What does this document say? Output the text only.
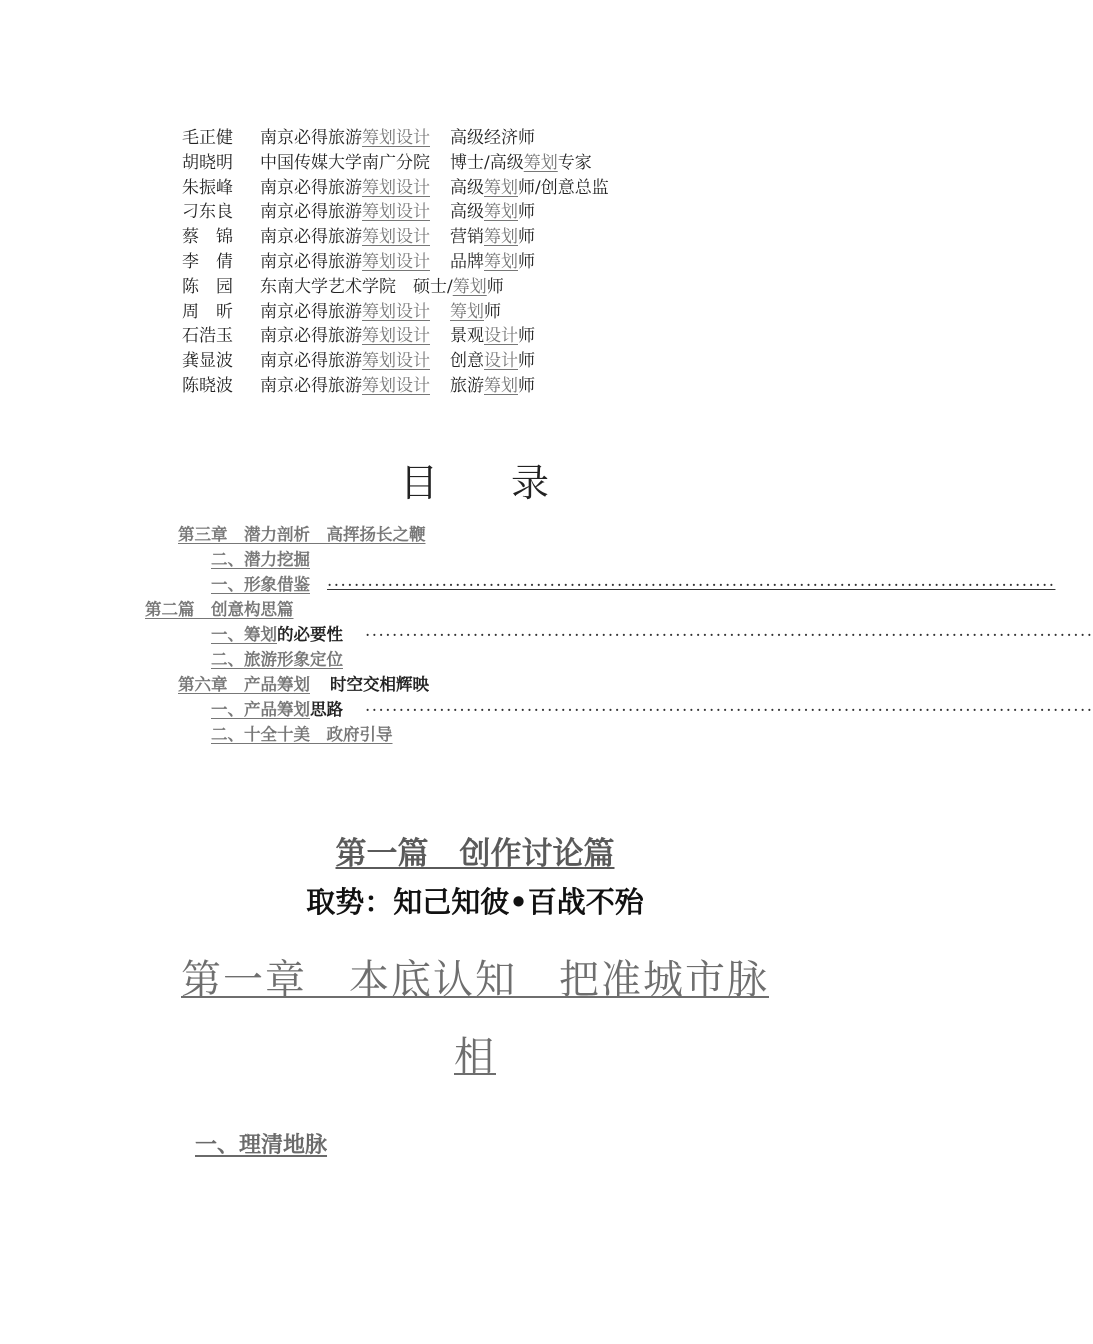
毛正健 南京必得旅游筹划设计 高级经济师
胡晓明 中国传媒大学南广分院 博士/高级筹划专家
朱振峰 南京必得旅游筹划设计 高级筹划师/创意总监
刁东良 南京必得旅游筹划设计 高级筹划师
蔡　锦 南京必得旅游筹划设计 营销筹划师
李　倩 南京必得旅游筹划设计 品牌筹划师
陈　园 东南大学艺术学院　硕士/筹划师
周　昕 南京必得旅游筹划设计 筹划师
石浩玉 南京必得旅游筹划设计 景观设计师
龚显波 南京必得旅游筹划设计 创意设计师
陈晓波 南京必得旅游筹划设计 旅游筹划师
目 录
第三章　潜力剖析　高挥扬长之鞭
二、潜力挖掘
一、形象借鉴 ............................................................................................................
第二篇　创意构思篇
一、筹划的必要性 ............................................................................................................
二、旅游形象定位
第六章　产品筹划 时空交相辉映
一、产品筹划思路 ............................................................................................................
二、十全十美　政府引导
第一篇　创作讨论篇
取势：知己知彼•百战不殆
第一章　本底认知　把准城市脉
相
一、理清地脉
